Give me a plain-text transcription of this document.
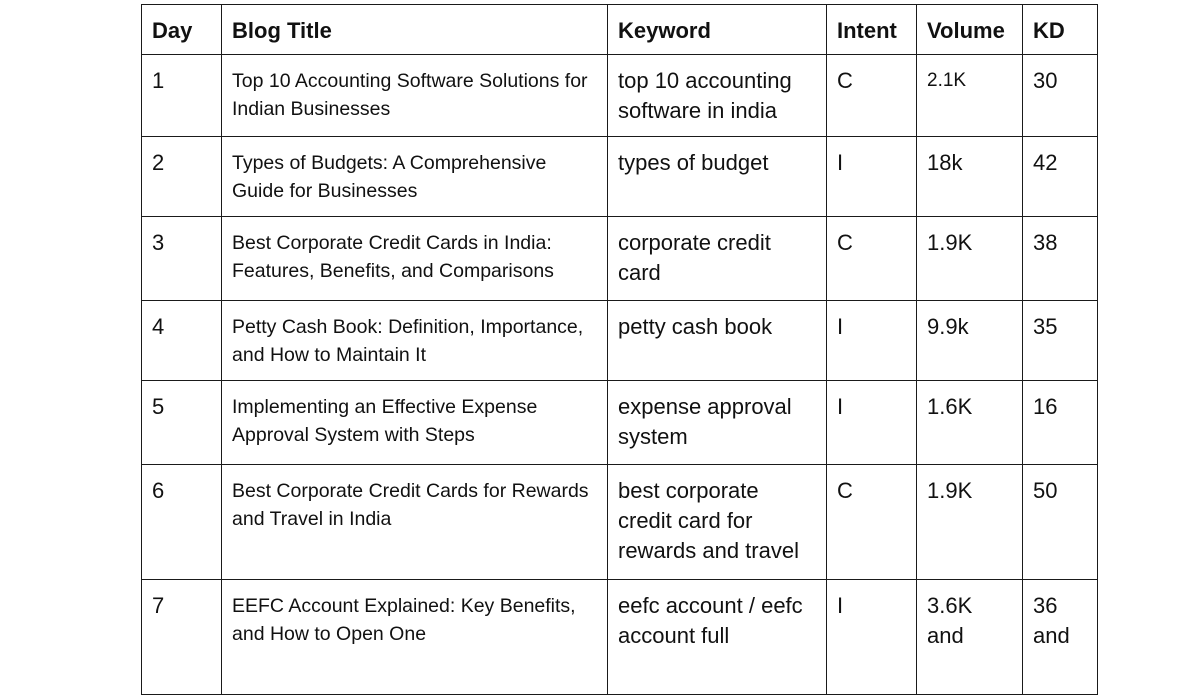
Day	Blog Title	Keyword	Intent	Volume	KD
1	Top 10 Accounting Software Solutions for Indian Businesses	top 10 accounting software in india	C	2.1K	30
2	Types of Budgets: A Comprehensive Guide for Businesses	types of budget	I	18k	42
3	Best Corporate Credit Cards in India: Features, Benefits, and Comparisons	corporate credit card	C	1.9K	38
4	Petty Cash Book: Definition, Importance, and How to Maintain It	petty cash book	I	9.9k	35
5	Implementing an Effective Expense Approval System with Steps	expense approval system	I	1.6K	16
6	Best Corporate Credit Cards for Rewards and Travel in India	best corporate credit card for rewards and travel	C	1.9K	50
7	EEFC Account Explained: Key Benefits, and How to Open One	eefc account / eefc account full	I	3.6K and	36 and
